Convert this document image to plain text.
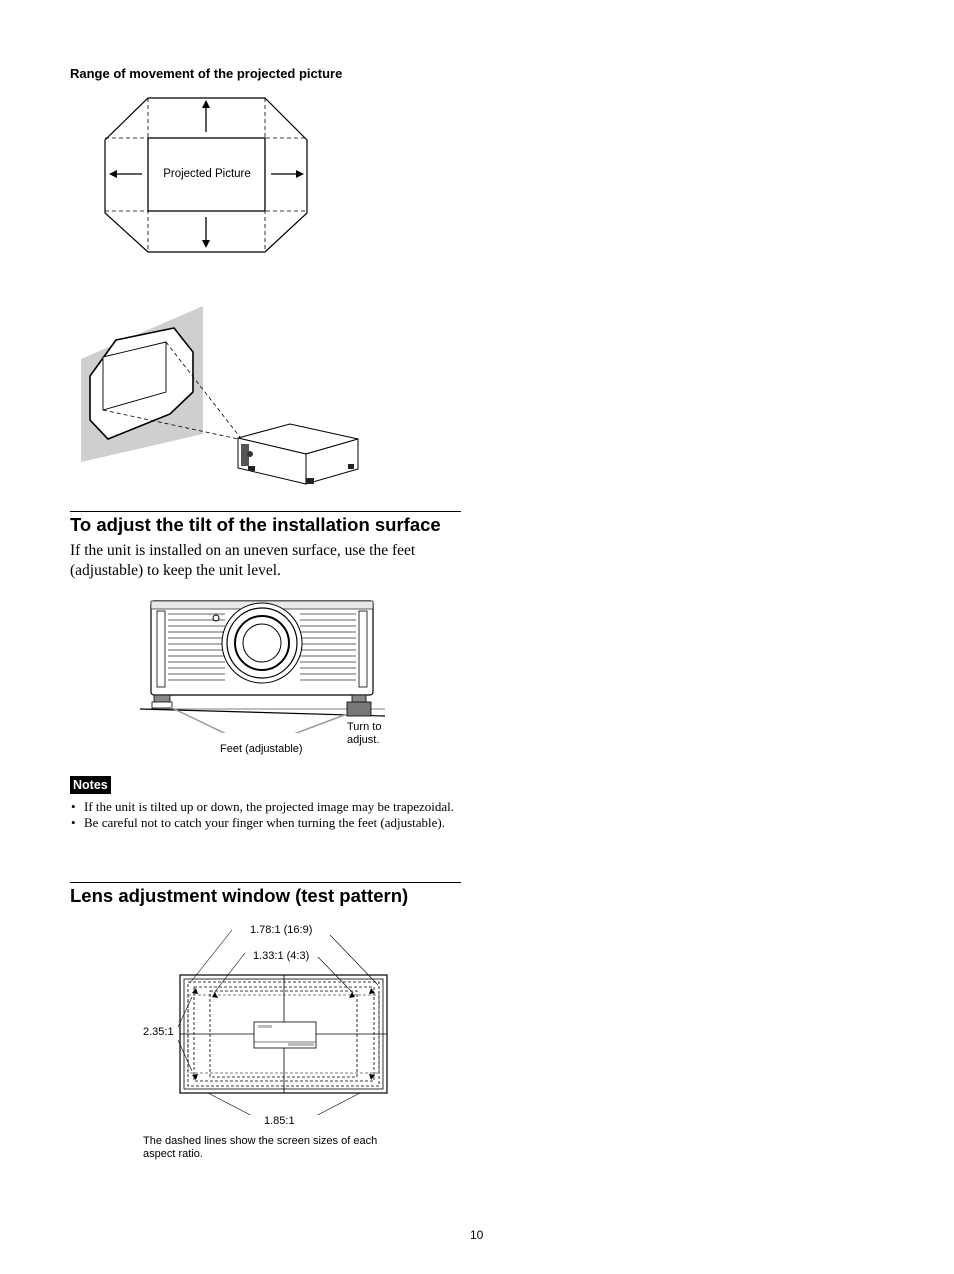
Range of movement of the projected picture
Projected Picture
To adjust the tilt of the installation surface
If the unit is installed on an uneven surface, use the feet (adjustable) to keep the unit level.
Feet (adjustable)
Turn to adjust.
Notes
• If the unit is tilted up or down, the projected image may be trapezoidal.
• Be careful not to catch your finger when turning the feet (adjustable).
Lens adjustment window (test pattern)
1.78:1 (16:9)
1.33:1 (4:3)
2.35:1
1.85:1
The dashed lines show the screen sizes of each aspect ratio.
10
